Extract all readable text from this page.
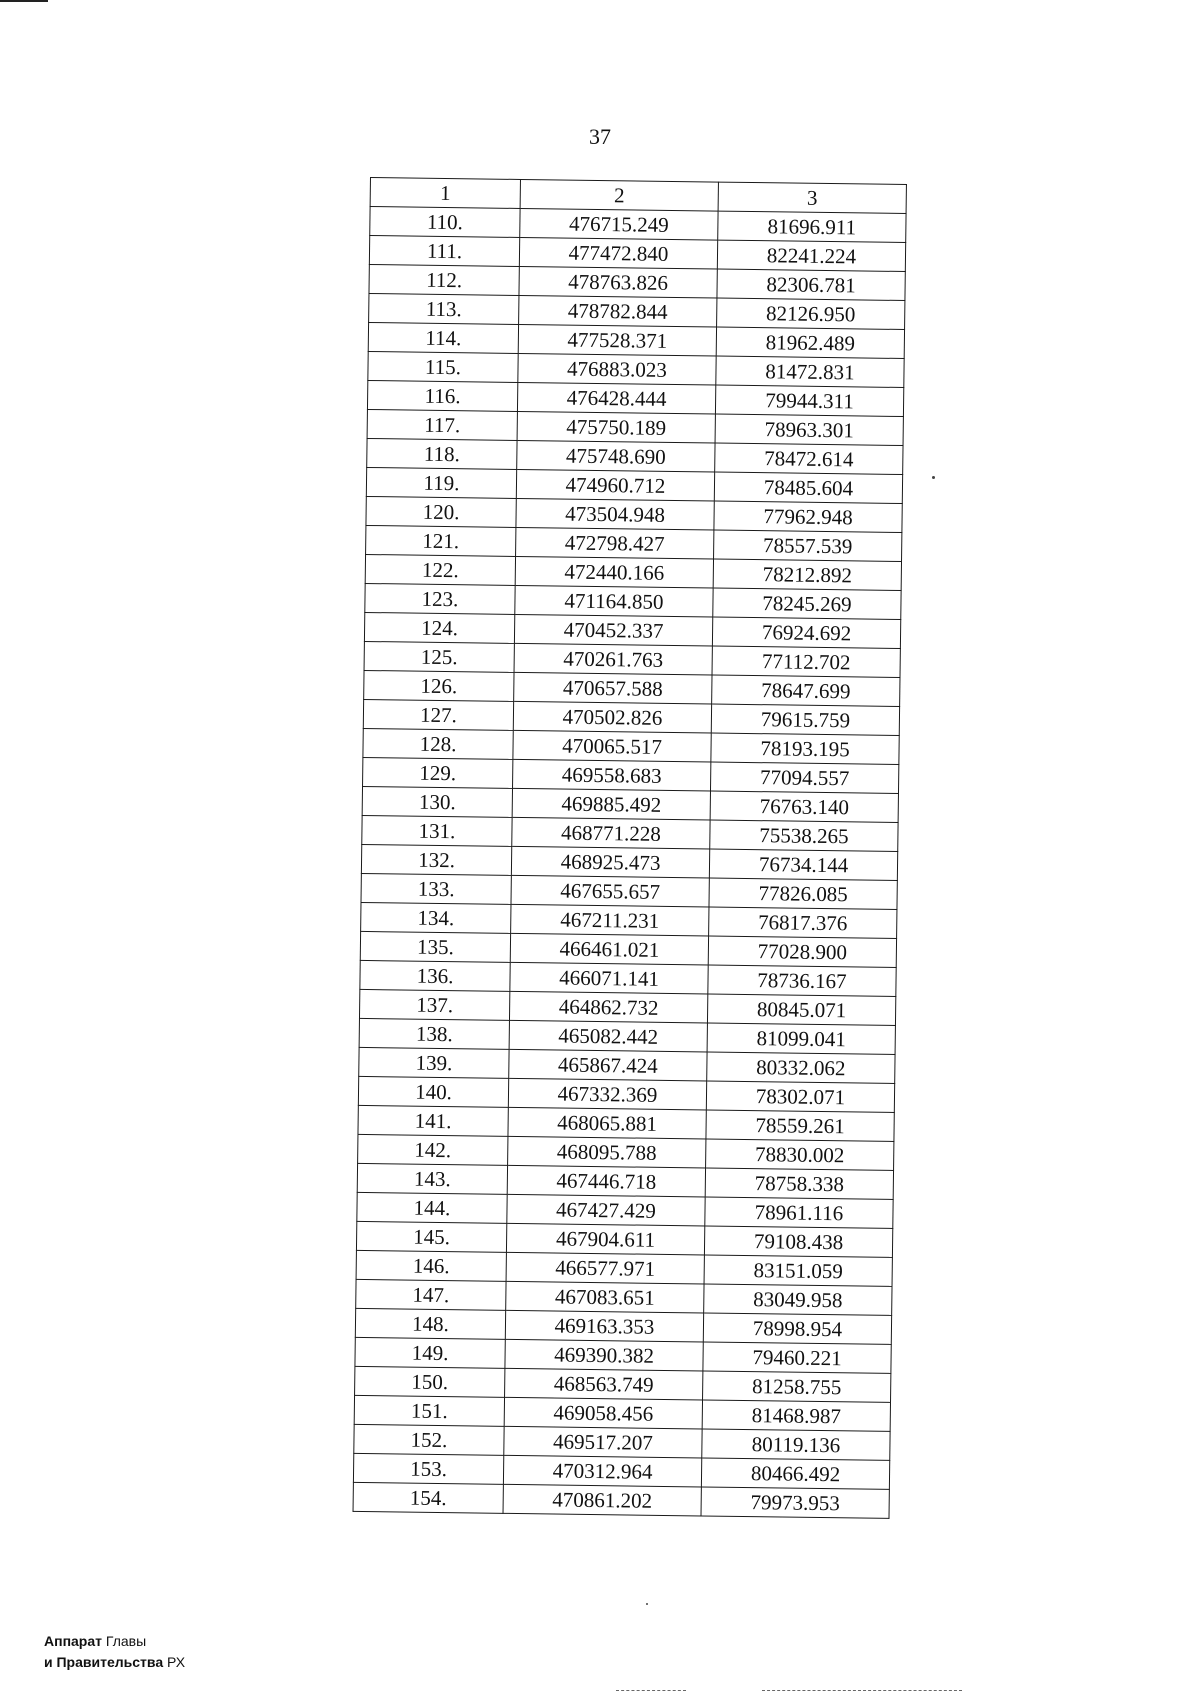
37
1	2	3
110.	476715.249	81696.911
111.	477472.840	82241.224
112.	478763.826	82306.781
113.	478782.844	82126.950
114.	477528.371	81962.489
115.	476883.023	81472.831
116.	476428.444	79944.311
117.	475750.189	78963.301
118.	475748.690	78472.614
119.	474960.712	78485.604
120.	473504.948	77962.948
121.	472798.427	78557.539
122.	472440.166	78212.892
123.	471164.850	78245.269
124.	470452.337	76924.692
125.	470261.763	77112.702
126.	470657.588	78647.699
127.	470502.826	79615.759
128.	470065.517	78193.195
129.	469558.683	77094.557
130.	469885.492	76763.140
131.	468771.228	75538.265
132.	468925.473	76734.144
133.	467655.657	77826.085
134.	467211.231	76817.376
135.	466461.021	77028.900
136.	466071.141	78736.167
137.	464862.732	80845.071
138.	465082.442	81099.041
139.	465867.424	80332.062
140.	467332.369	78302.071
141.	468065.881	78559.261
142.	468095.788	78830.002
143.	467446.718	78758.338
144.	467427.429	78961.116
145.	467904.611	79108.438
146.	466577.971	83151.059
147.	467083.651	83049.958
148.	469163.353	78998.954
149.	469390.382	79460.221
150.	468563.749	81258.755
151.	469058.456	81468.987
152.	469517.207	80119.136
153.	470312.964	80466.492
154.	470861.202	79973.953
Аппарат Главы
и Правительства РХ
